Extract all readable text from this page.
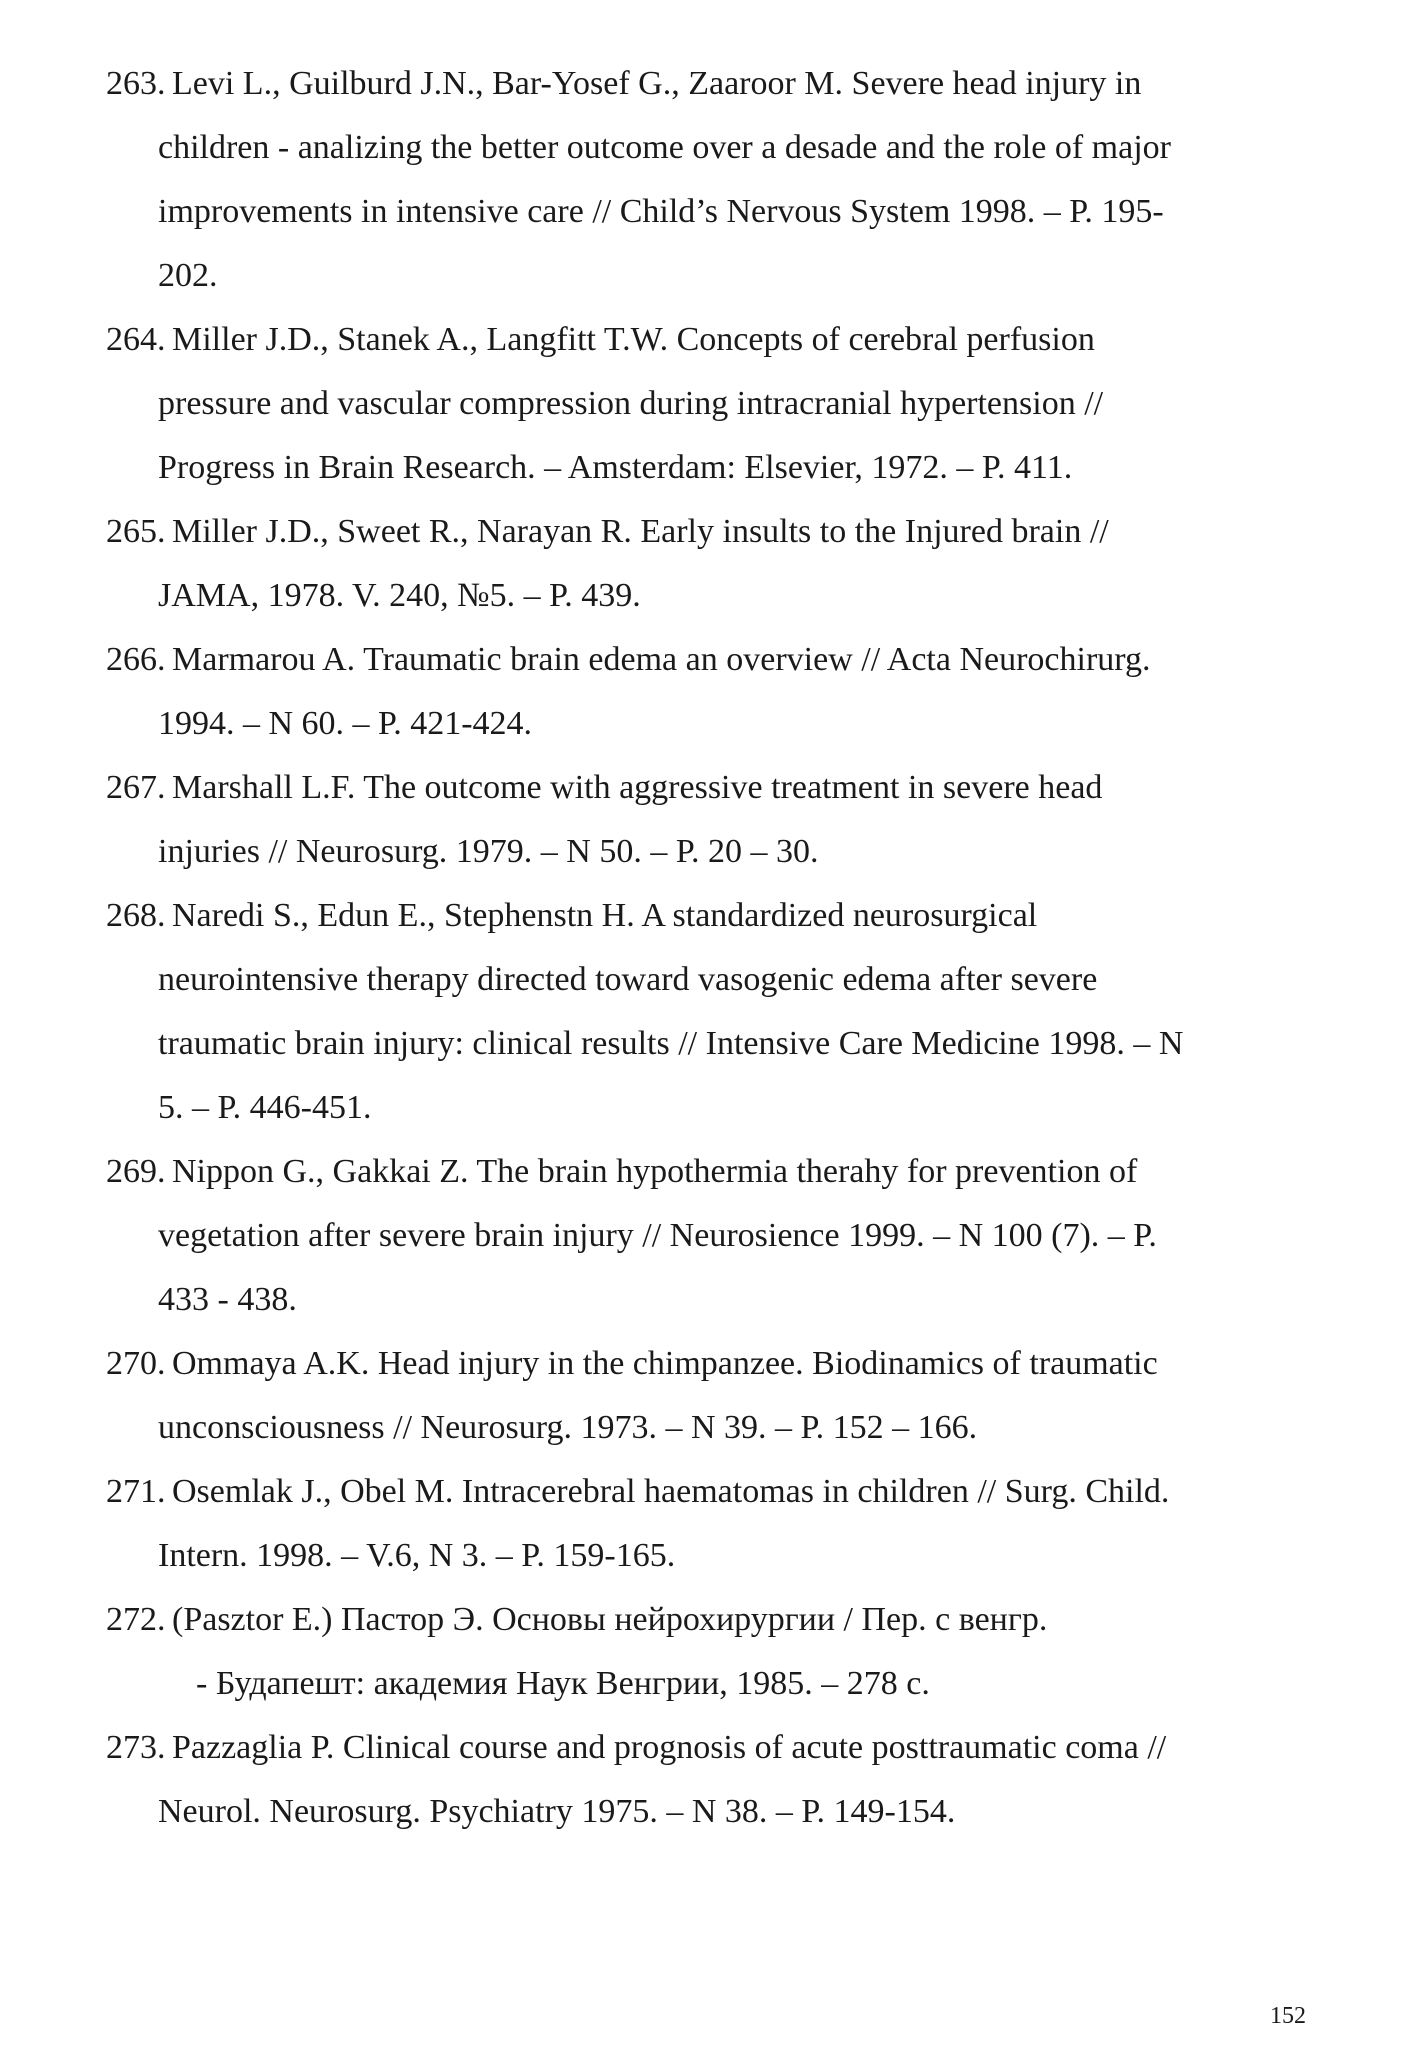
263. Levi L., Guilburd J.N., Bar-Yosef G., Zaaroor M. Severe head injury in
children - analizing the better outcome over a desade and the role of major
improvements in intensive care // Child’s Nervous System 1998. – P. 195-
202.
264. Miller J.D., Stanek A., Langfitt T.W. Concepts of cerebral perfusion
pressure and vascular compression during intracranial hypertension //
Progress in Brain Research. – Amsterdam: Elsevier, 1972. – P. 411.
265. Miller J.D., Sweet R., Narayan R. Early insults to the Injured brain //
JAMA, 1978. V. 240, №5. – P. 439.
266. Marmarou A. Traumatic brain edema an overview // Acta Neurochirurg.
1994. – N 60. – P. 421-424.
267. Marshall L.F. The outcome with aggressive treatment in severe head
injuries // Neurosurg. 1979. – N 50. – P. 20 – 30.
268. Naredi S., Edun E., Stephenstn H. A standardized neurosurgical
neurointensive therapy directed toward vasogenic edema after severe
traumatic brain injury: clinical results // Intensive Care Medicine 1998. – N
5. – P. 446-451.
269. Nippon G., Gakkai Z. The brain hypothermia therahy for prevention of
vegetation after severe brain injury // Neurosience 1999. – N 100 (7). – P.
433 - 438.
270. Ommaya A.K. Head injury in the chimpanzee. Biodinamics of traumatic
unconsciousness // Neurosurg. 1973. – N 39. – P. 152 – 166.
271. Osemlak J., Obel M. Intracerebral haematomas in children // Surg. Child.
Intern. 1998. – V.6, N 3. – P. 159-165.
272. (Pasztor E.) Пастор Э. Основы нейрохирургии / Пер. с венгр.
- Будапешт: академия Наук Венгрии, 1985. – 278 с.
273. Pazzaglia P. Clinical course and prognosis of acute posttraumatic coma //
Neurol. Neurosurg. Psychiatry 1975. – N 38. – P. 149-154.
152
